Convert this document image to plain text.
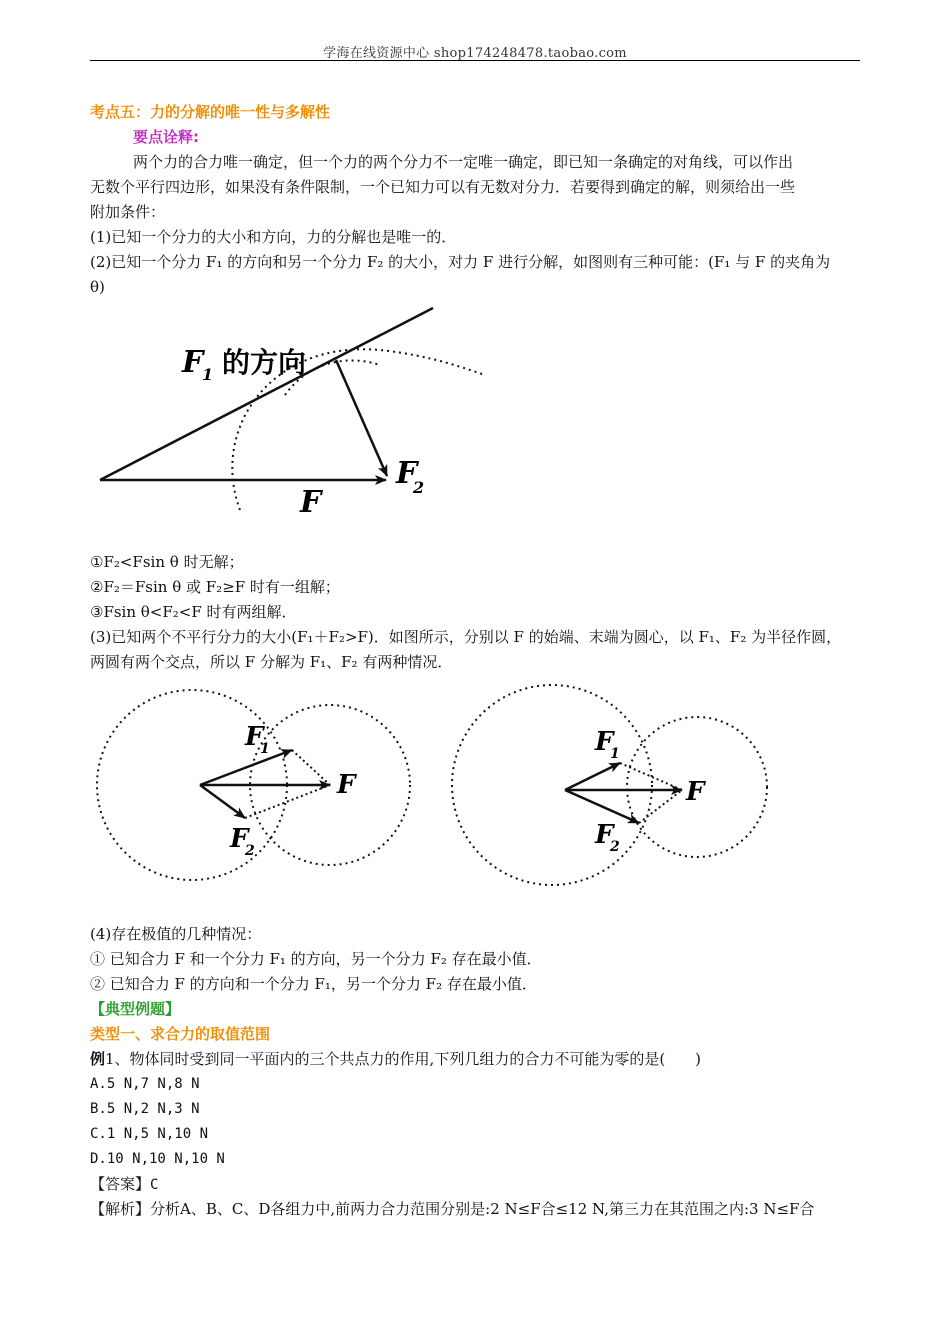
学海在线资源中心 shop174248478.taobao.com
考点五：力的分解的唯一性与多解性
要点诠释:
两个力的合力唯一确定，但一个力的两个分力不一定唯一确定，即已知一条确定的对角线，可以作出
无数个平行四边形，如果没有条件限制，一个已知力可以有无数对分力．若要得到确定的解，则须给出一些
附加条件：
(1)已知一个分力的大小和方向，力的分解也是唯一的．
(2)已知一个分力 F₁ 的方向和另一个分力 F₂ 的大小，对力 F 进行分解，如图则有三种可能：(F₁ 与 F 的夹角为
θ)
F
1 的方向
F
2
F
①F₂<Fsin θ 时无解；
②F₂＝Fsin θ 或 F₂≥F 时有一组解；
③Fsin θ<F₂<F 时有两组解．
(3)已知两个不平行分力的大小(F₁＋F₂>F)．如图所示，分别以 F 的始端、末端为圆心，以 F₁、F₂ 为半径作圆，
两圆有两个交点，所以 F 分解为 F₁、F₂ 有两种情况．
F
1
F
2
F
F
1
F
2
F
(4)存在极值的几种情况：
① 已知合力 F 和一个分力 F₁ 的方向，另一个分力 F₂ 存在最小值．
② 已知合力 F 的方向和一个分力 F₁，另一个分力 F₂ 存在最小值．
【典型例题】
类型一、求合力的取值范围
例1、物体同时受到同一平面内的三个共点力的作用,下列几组力的合力不可能为零的是(　　)
A.5 N,7 N,8 N
B.5 N,2 N,3 N
C.1 N,5 N,10 N
D.10 N,10 N,10 N
【答案】C
【解析】分析A、B、C、D各组力中,前两力合力范围分别是:2 N≤F合≤12 N,第三力在其范围之内:3 N≤F合
